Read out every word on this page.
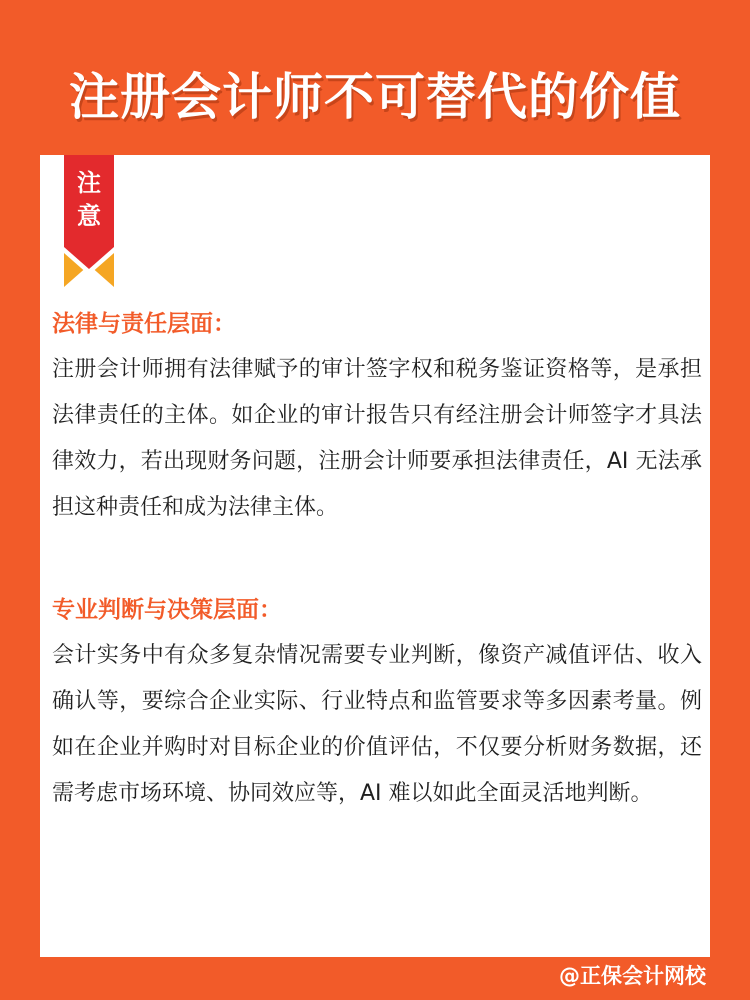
注册会计师不可替代的价值
注
意
法律与责任层面：
注册会计师拥有法律赋予的审计签字权和税务鉴证资格等，是承担法律责任的主体。如企业的审计报告只有经注册会计师签字才具法律效力，若出现财务问题，注册会计师要承担法律责任，AI 无法承担这种责任和成为法律主体。
专业判断与决策层面：
会计实务中有众多复杂情况需要专业判断，像资产减值评估、收入确认等，要综合企业实际、行业特点和监管要求等多因素考量。例如在企业并购时对目标企业的价值评估，不仅要分析财务数据，还需考虑市场环境、协同效应等，AI 难以如此全面灵活地判断。
@正保会计网校
